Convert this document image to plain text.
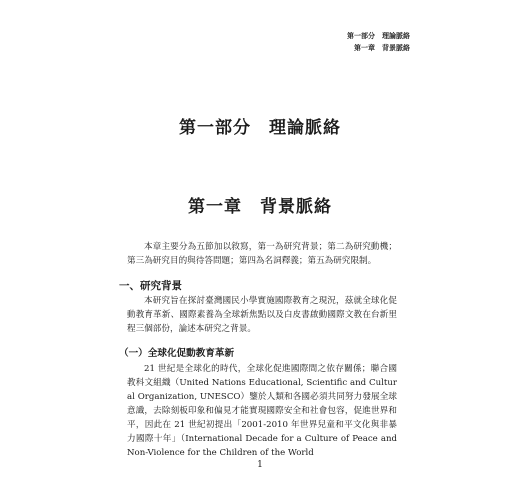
第一部分　理論脈絡
第一章　背景脈絡
第一部分　理論脈絡
第一章　背景脈絡

本章主要分為五節加以敘寫，第一為研究背景；第二為研究動機；第三為研究目的與待答問題；第四為名詞釋義；第五為研究限制。

一、研究背景

本研究旨在探討臺灣國民小學實施國際教育之現況，茲就全球化促動教育革新、國際素養為全球新焦點以及白皮書啟動國際文教在台新里程三個部份，論述本研究之背景。

（一）全球化促動教育革新

21 世紀是全球化的時代，全球化促進國際間之依存關係；聯合國教科文組織（United Nations Educational, Scientific and Cultural Organization, UNESCO）鑒於人類和各國必須共同努力發展全球意識，去除刻板印象和偏見才能實現國際安全和社會包容，促進世界和平，因此在 21 世紀初提出「2001-2010 年世界兒童和平文化與非暴力國際十年」（International Decade for a Culture of Peace and Non-Violence for the Children of the World

1
